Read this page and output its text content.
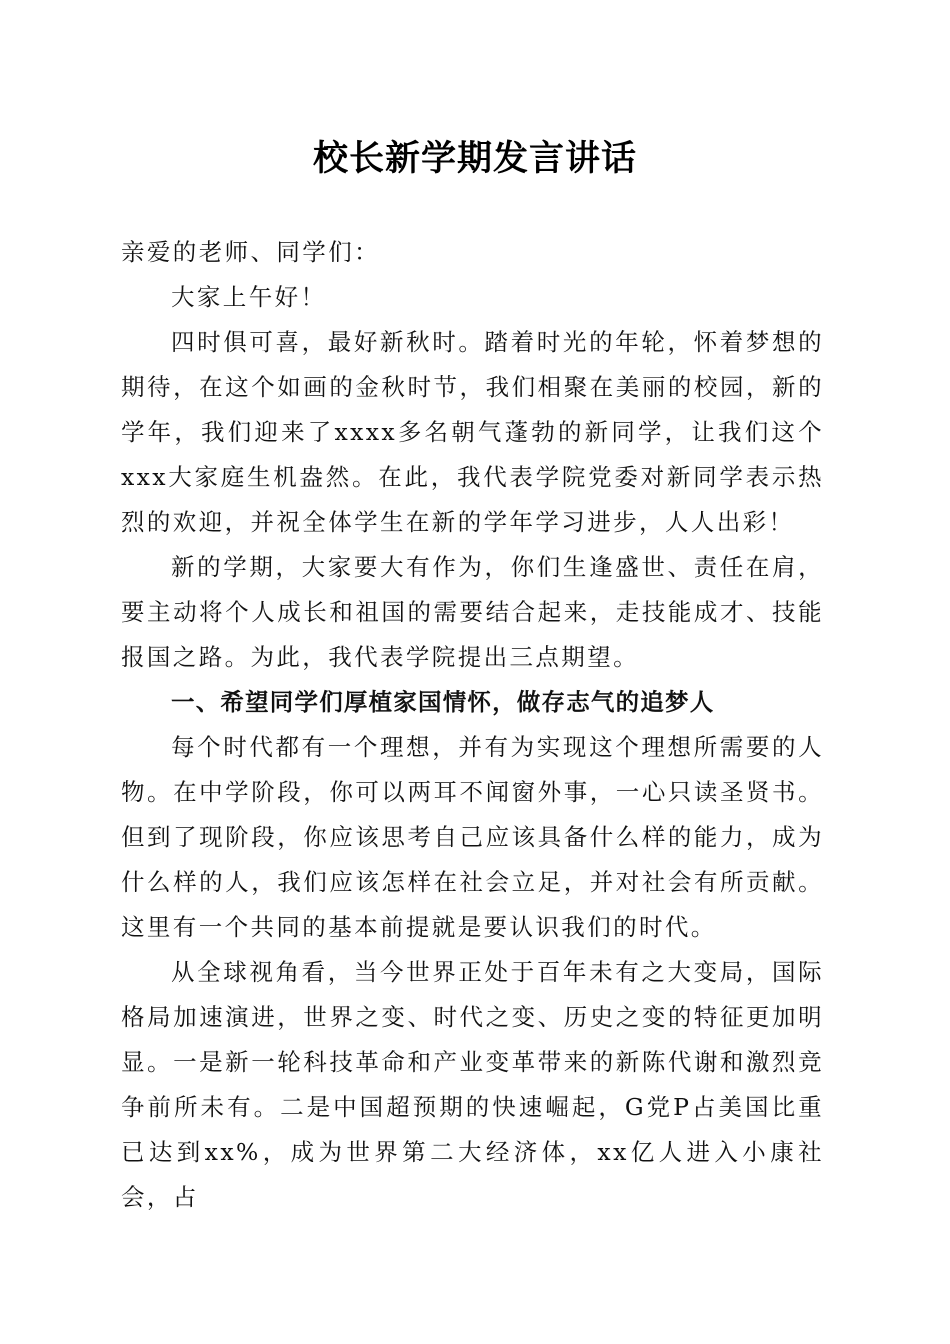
校长新学期发言讲话

亲爱的老师、同学们：

大家上午好！

四时俱可喜，最好新秋时。踏着时光的年轮，怀着梦想的期待，在这个如画的金秋时节，我们相聚在美丽的校园，新的学年，我们迎来了xxxx多名朝气蓬勃的新同学，让我们这个xxx大家庭生机盎然。在此，我代表学院党委对新同学表示热烈的欢迎，并祝全体学生在新的学年学习进步，人人出彩！

新的学期，大家要大有作为，你们生逢盛世、责任在肩，要主动将个人成长和祖国的需要结合起来，走技能成才、技能报国之路。为此，我代表学院提出三点期望。

一、希望同学们厚植家国情怀，做存志气的追梦人

每个时代都有一个理想，并有为实现这个理想所需要的人物。在中学阶段，你可以两耳不闻窗外事，一心只读圣贤书。但到了现阶段，你应该思考自己应该具备什么样的能力，成为什么样的人，我们应该怎样在社会立足，并对社会有所贡献。这里有一个共同的基本前提就是要认识我们的时代。

从全球视角看，当今世界正处于百年未有之大变局，国际格局加速演进，世界之变、时代之变、历史之变的特征更加明显。一是新一轮科技革命和产业变革带来的新陈代谢和激烈竞争前所未有。二是中国超预期的快速崛起，G党P占美国比重已达到xx%，成为世界第二大经济体，xx亿人进入小康社会，占
